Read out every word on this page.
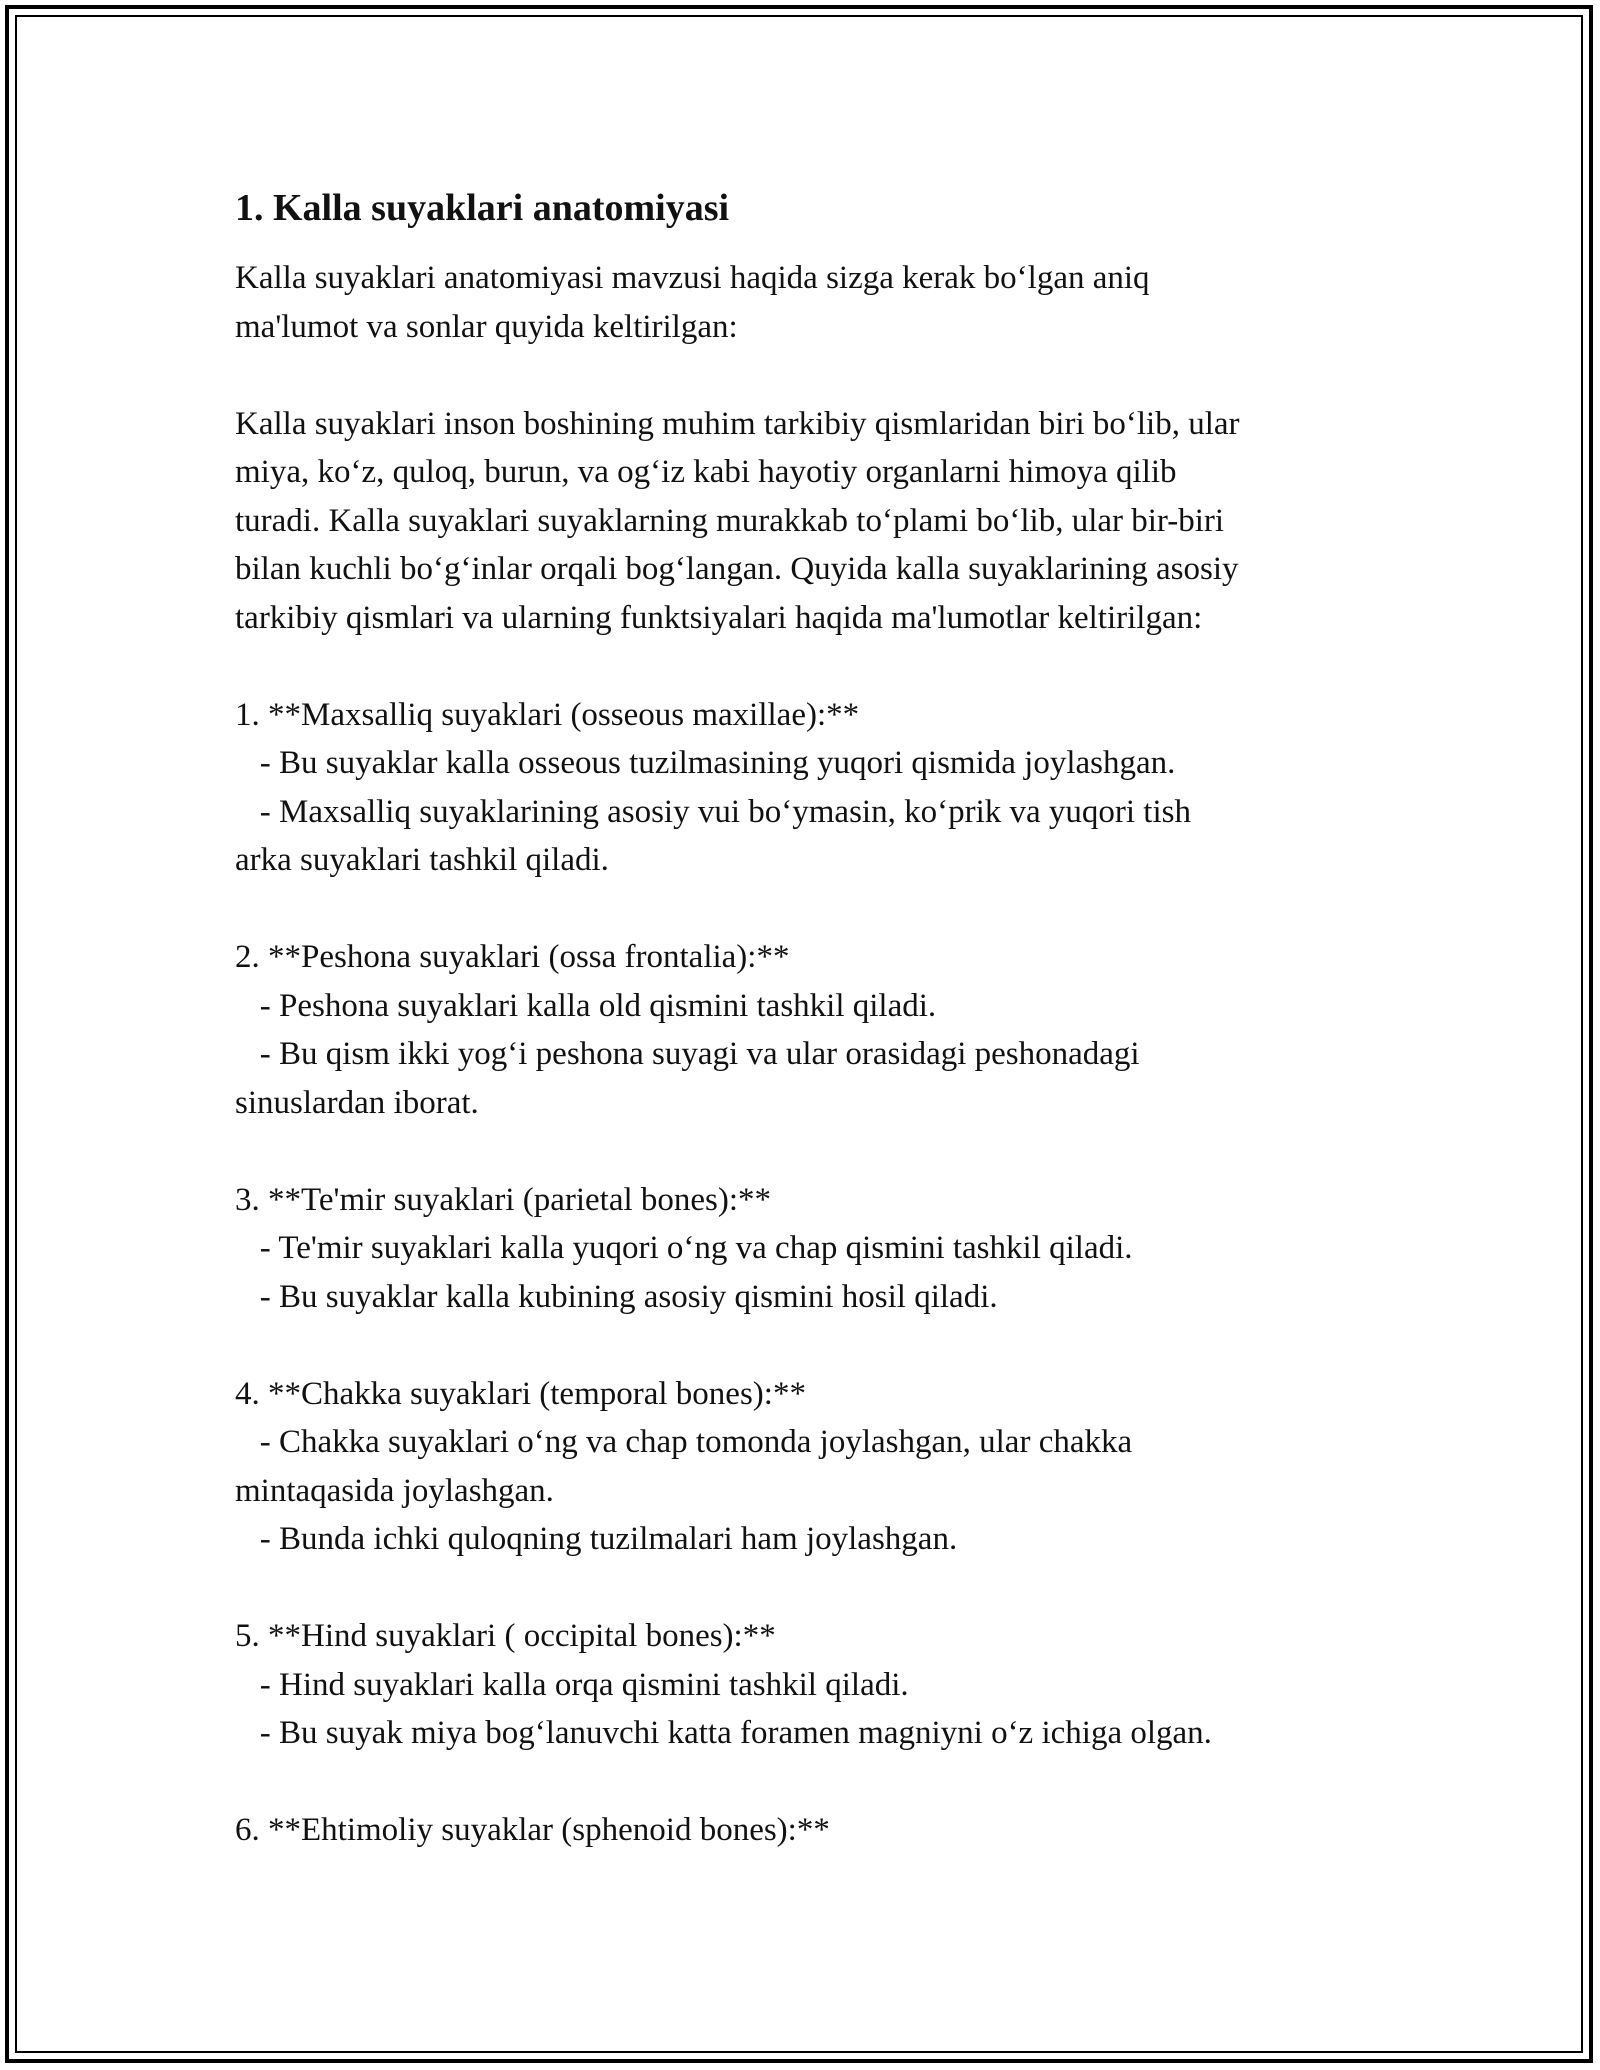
1. Kalla suyaklari anatomiyasi

Kalla suyaklari anatomiyasi mavzusi haqida sizga kerak bo‘lgan aniq

ma'lumot va sonlar quyida keltirilgan:

Kalla suyaklari inson boshining muhim tarkibiy qismlaridan biri bo‘lib, ular

miya, ko‘z, quloq, burun, va og‘iz kabi hayotiy organlarni himoya qilib

turadi. Kalla suyaklari suyaklarning murakkab to‘plami bo‘lib, ular bir-biri

bilan kuchli bo‘g‘inlar orqali bog‘langan. Quyida kalla suyaklarining asosiy

tarkibiy qismlari va ularning funktsiyalari haqida ma'lumotlar keltirilgan:

1. **Maxsalliq suyaklari (osseous maxillae):**

- Bu suyaklar kalla osseous tuzilmasining yuqori qismida joylashgan.

- Maxsalliq suyaklarining asosiy vui bo‘ymasin, ko‘prik va yuqori tish

arka suyaklari tashkil qiladi.

2. **Peshona suyaklari (ossa frontalia):**

- Peshona suyaklari kalla old qismini tashkil qiladi.

- Bu qism ikki yog‘i peshona suyagi va ular orasidagi peshonadagi

sinuslardan iborat.

3. **Te'mir suyaklari (parietal bones):**

- Te'mir suyaklari kalla yuqori o‘ng va chap qismini tashkil qiladi.

- Bu suyaklar kalla kubining asosiy qismini hosil qiladi.

4. **Chakka suyaklari (temporal bones):**

- Chakka suyaklari o‘ng va chap tomonda joylashgan, ular chakka

mintaqasida joylashgan.

- Bunda ichki quloqning tuzilmalari ham joylashgan.

5. **Hind suyaklari ( occipital bones):**

- Hind suyaklari kalla orqa qismini tashkil qiladi.

- Bu suyak miya bog‘lanuvchi katta foramen magniyni o‘z ichiga olgan.

6. **Ehtimoliy suyaklar (sphenoid bones):**
